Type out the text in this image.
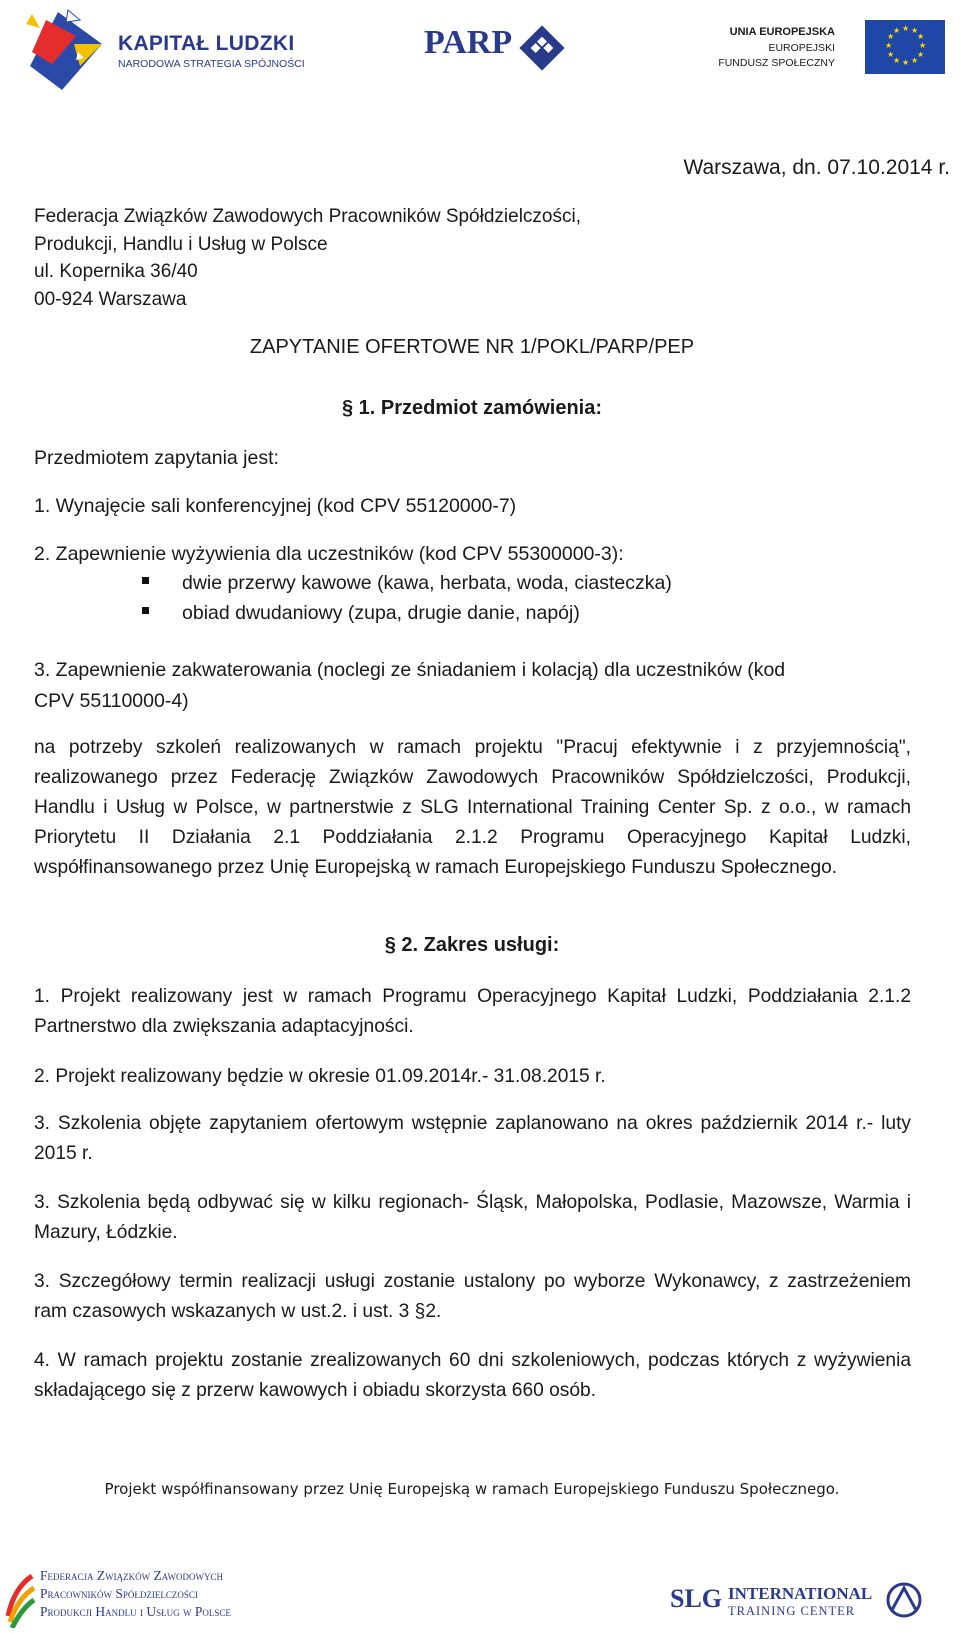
KAPITAŁ LUDZKI
NARODOWA STRATEGIA SPÓJNOŚCI
PARP	UNIA EUROPEJSKA
EUROPEJSKI
FUNDUSZ SPOŁECZNY
★ ★
★
★
★
★
★
★
★
★
★
★
Warszawa, dn. 07.10.2014 r.
Federacja Związków Zawodowych Pracowników Spółdzielczości,
Produkcji, Handlu i Usług w Polsce
ul. Kopernika 36/40
00-924 Warszawa
ZAPYTANIE OFERTOWE NR 1/POKL/PARP/PEP
§ 1. Przedmiot zamówienia:
Przedmiotem zapytania jest:
1. Wynajęcie sali konferencyjnej (kod CPV 55120000-7)
2. Zapewnienie wyżywienia dla uczestników (kod CPV 55300000-3):
dwie przerwy kawowe (kawa, herbata, woda, ciasteczka)
obiad dwudaniowy (zupa, drugie danie, napój)
3. Zapewnienie zakwaterowania (noclegi ze śniadaniem i kolacją) dla uczestników (kod CPV 55110000-4)
na potrzeby szkoleń realizowanych w ramach projektu "Pracuj efektywnie i z przyjemnością", realizowanego przez Federację Związków Zawodowych Pracowników Spółdzielczości, Produkcji, Handlu i Usług w Polsce, w partnerstwie z SLG International Training Center Sp. z o.o., w ramach Priorytetu II Działania 2.1 Poddziałania 2.1.2 Programu Operacyjnego Kapitał Ludzki, współfinansowanego przez Unię Europejską w ramach Europejskiego Funduszu Społecznego.
§ 2. Zakres usługi:
1. Projekt realizowany jest w ramach Programu Operacyjnego Kapitał Ludzki, Poddziałania 2.1.2 Partnerstwo dla zwiększania adaptacyjności.
2. Projekt realizowany będzie w okresie 01.09.2014r.- 31.08.2015 r.
3. Szkolenia objęte zapytaniem ofertowym wstępnie zaplanowano na okres październik 2014 r.- luty 2015 r.
3. Szkolenia będą odbywać się w kilku regionach- Śląsk, Małopolska, Podlasie, Mazowsze, Warmia i Mazury, Łódzkie.
3. Szczegółowy termin realizacji usługi zostanie ustalony po wyborze Wykonawcy, z zastrzeżeniem ram czasowych wskazanych w ust.2. i ust. 3 §2.
4. W ramach projektu zostanie zrealizowanych 60 dni szkoleniowych, podczas których z wyżywienia składającego się z przerw kawowych i obiadu skorzysta 660 osób.
Projekt współfinansowany przez Unię Europejską w ramach Europejskiego Funduszu Społecznego.
Federacja Związków Zawodowych
Pracowników Spółdzielczości
Produkcji Handlu i Usług w Polsce	SLG INTERNATIONAL
TRAINING CENTER
